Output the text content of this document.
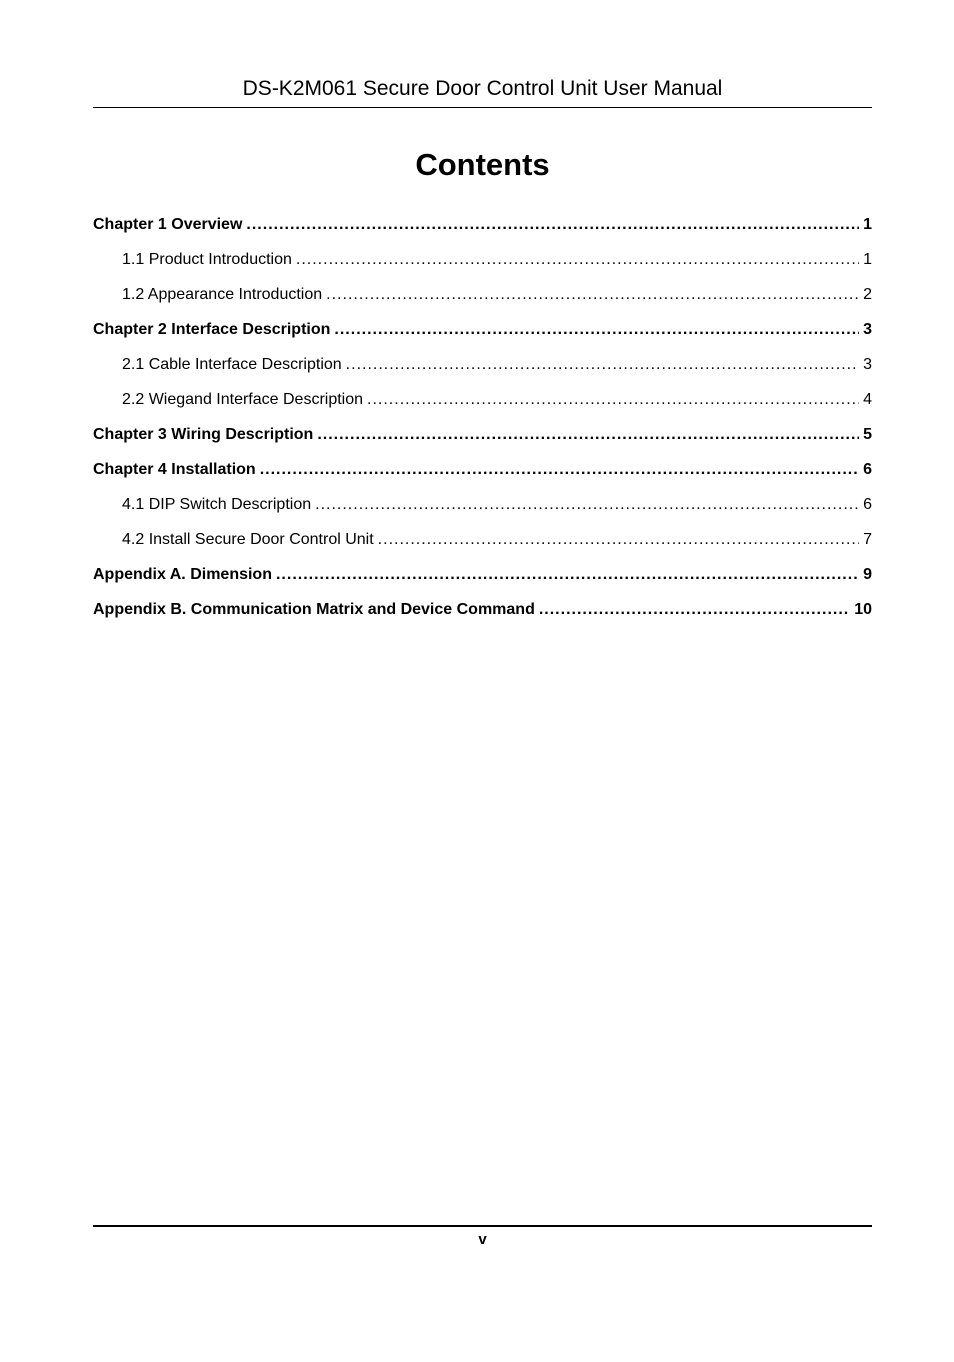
DS-K2M061 Secure Door Control Unit User Manual
Contents
Chapter 1 Overview .....	1
1.1 Product Introduction .....	1
1.2 Appearance Introduction .....	2
Chapter 2 Interface Description .....	3
2.1 Cable Interface Description .....	3
2.2 Wiegand Interface Description .....	4
Chapter 3 Wiring Description .....	5
Chapter 4 Installation .....	6
4.1 DIP Switch Description .....	6
4.2 Install Secure Door Control Unit .....	7
Appendix A. Dimension .....	9
Appendix B. Communication Matrix and Device Command .....	10
v
